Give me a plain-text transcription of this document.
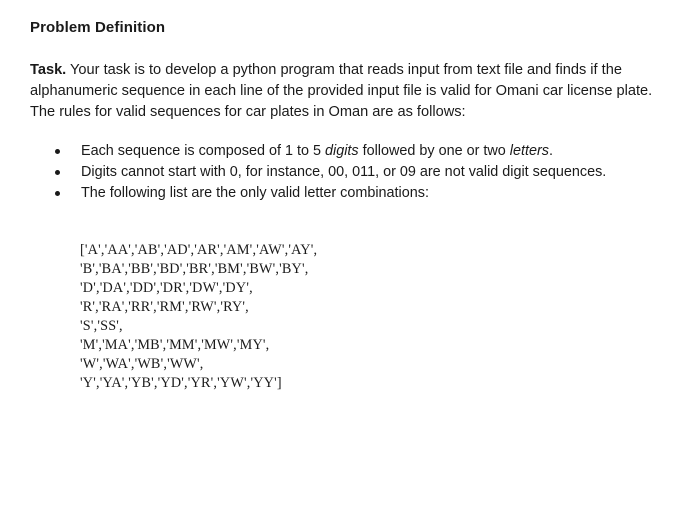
Problem Definition

Task. Your task is to develop a python program that reads input from text file and finds if the
alphanumeric sequence in each line of the provided input file is valid for Omani car license plate.
The rules for valid sequences for car plates in Oman are as follows:

Each sequence is composed of 1 to 5 digits followed by one or two letters.
Digits cannot start with 0, for instance, 00, 011, or 09 are not valid digit sequences.
The following list are the only valid letter combinations:
['A','AA','AB','AD','AR','AM','AW','AY',
'B','BA','BB','BD','BR','BM','BW','BY',
'D','DA','DD','DR','DW','DY',
'R','RA','RR','RM','RW','RY',
'S','SS',
'M','MA','MB','MM','MW','MY',
'W','WA','WB','WW',
'Y','YA','YB','YD','YR','YW','YY']
